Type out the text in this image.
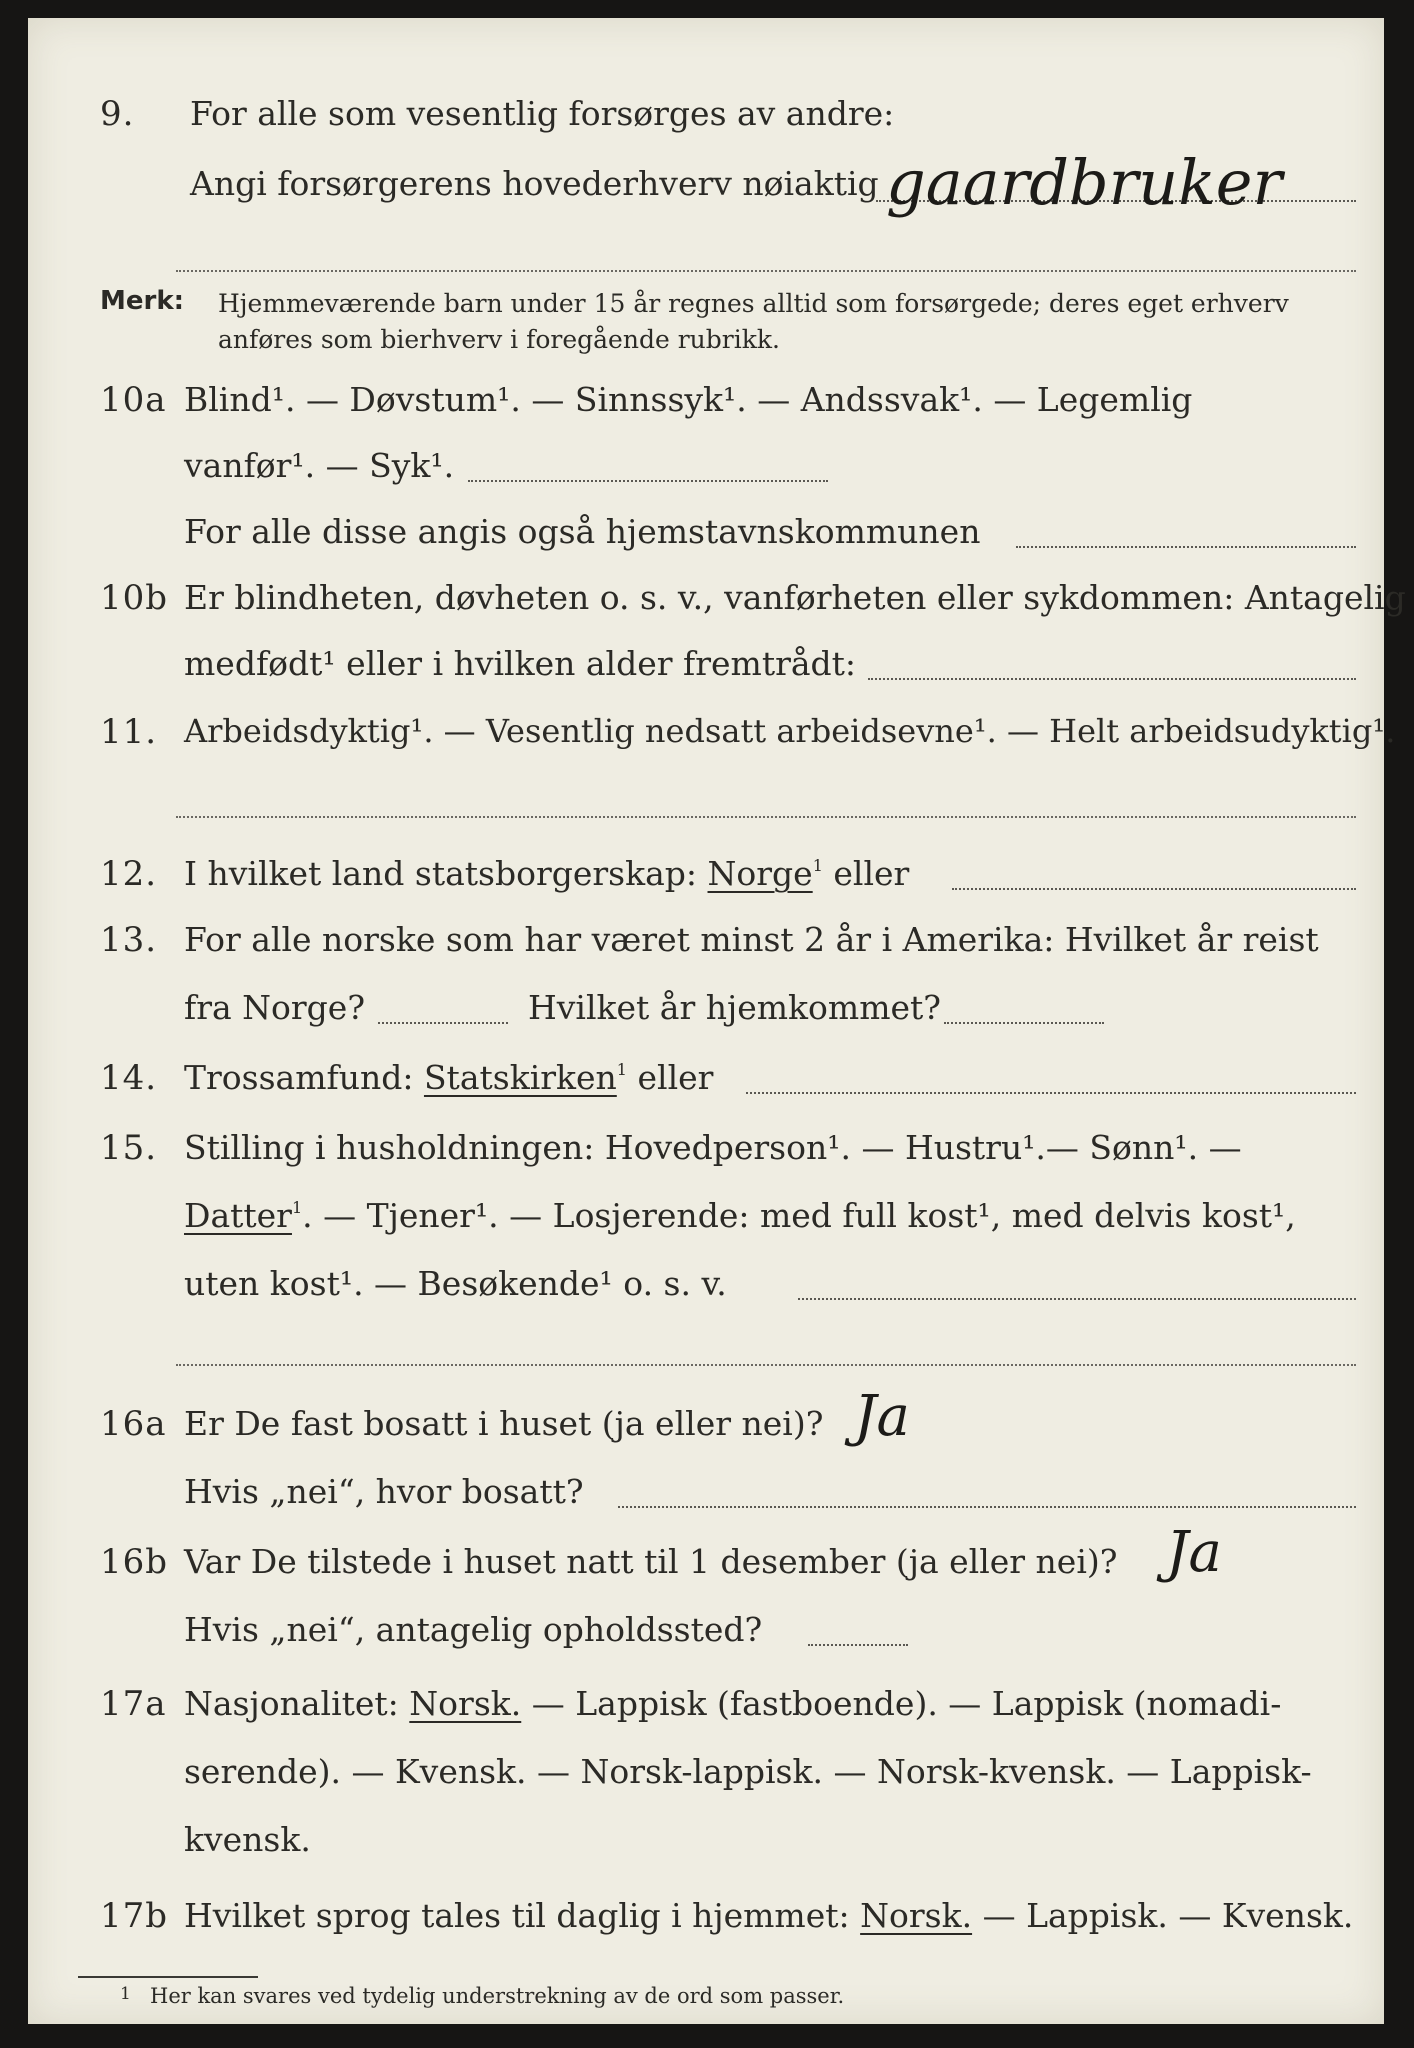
9. For alle som vesentlig forsørges av andre:
Angi forsørgerens hovederhverv nøiaktig gaardbruker
Merk: Hjemmeværende barn under 15 år regnes alltid som forsørgede; deres eget erhverv
anføres som bierhverv i foregående rubrikk.
10a Blind¹. — Døvstum¹. — Sinnssyk¹. — Andssvak¹. — Legemlig
vanfør¹. — Syk¹.
For alle disse angis også hjemstavnskommunen
10b Er blindheten, døvheten o. s. v., vanførheten eller sykdommen: Antagelig
medfødt¹ eller i hvilken alder fremtrådt:
11. Arbeidsdyktig¹. — Vesentlig nedsatt arbeidsevne¹. — Helt arbeidsudyktig¹.
12. I hvilket land statsborgerskap: Norge$^1$ eller
13. For alle norske som har været minst 2 år i Amerika: Hvilket år reist
fra Norge?	Hvilket år hjemkommet?
14. Trossamfund: Statskirken$^1$ eller
15. Stilling i husholdningen: Hovedperson¹. — Hustru¹.— Sønn¹. —
Datter$^1$. — Tjener¹. — Losjerende: med full kost¹, med delvis kost¹,
uten kost¹. — Besøkende¹ o. s. v.
16a Er De fast bosatt i huset (ja eller nei)? Ja
Hvis „nei“, hvor bosatt?
16b Var De tilstede i huset natt til 1 desember (ja eller nei)? Ja
Hvis „nei“, antagelig opholdssted?
17a Nasjonalitet: Norsk. — Lappisk (fastboende). — Lappisk (nomadi-
serende). — Kvensk. — Norsk-lappisk. — Norsk-kvensk. — Lappisk-
kvensk.
17b Hvilket sprog tales til daglig i hjemmet: Norsk. — Lappisk. — Kvensk.
1 Her kan svares ved tydelig understrekning av de ord som passer.
